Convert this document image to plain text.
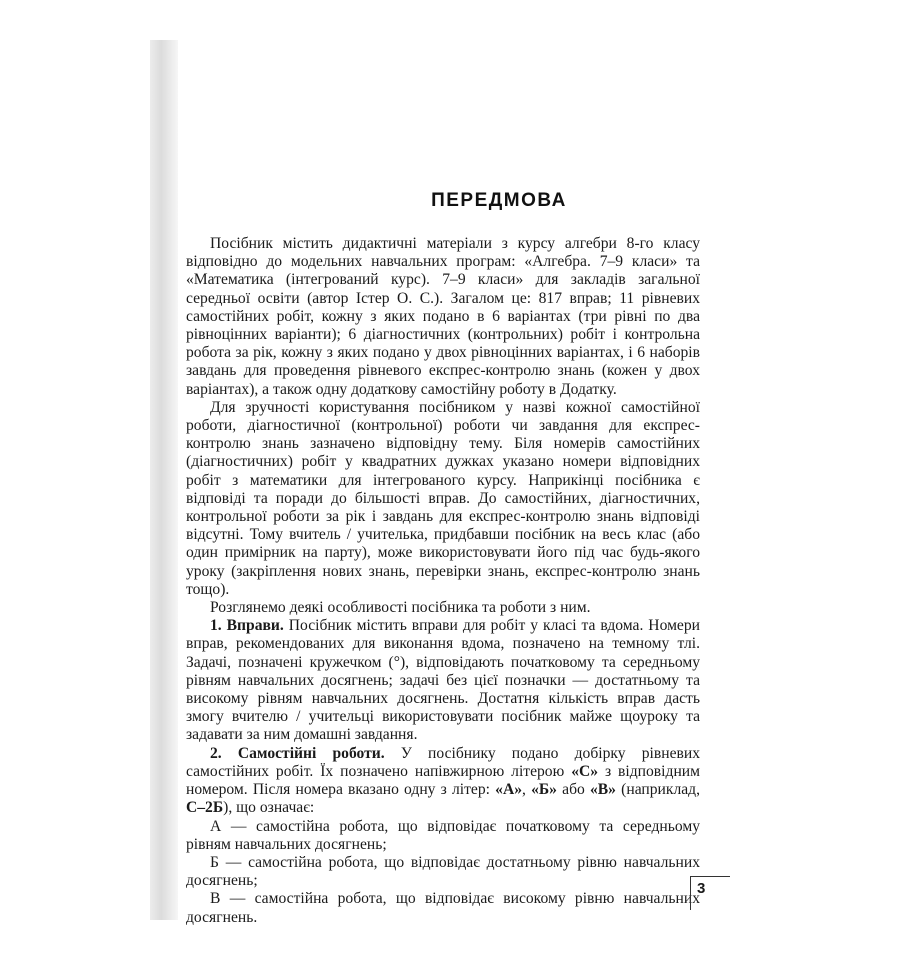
ПЕРЕДМОВА

Посібник містить дидактичні матеріали з курсу алгебри 8-го класу відповідно до модельних навчальних програм: «Алгебра. 7–9 класи» та «Математика (інтегрований курс). 7–9 класи» для закладів загальної середньої освіти (автор Істер О. С.). Загалом це: 817 вправ; 11 рівневих самостійних робіт, кожну з яких подано в 6 варіантах (три рівні по два рівноцінних варіанти); 6 діагностичних (контрольних) робіт і контрольна робота за рік, кожну з яких подано у двох рівноцінних варіантах, і 6 наборів завдань для проведення рівневого експрес-контролю знань (кожен у двох варіантах), а також одну додаткову самостійну роботу в Додатку.

Для зручності користування посібником у назві кожної самостійної роботи, діагностичної (контрольної) роботи чи завдання для експрес-контролю знань зазначено відповідну тему. Біля номерів самостійних (діагностичних) робіт у квадратних дужках указано номери відповідних робіт з математики для інтегрованого курсу. Наприкінці посібника є відповіді та поради до більшості вправ. До самостійних, діагностичних, контрольної роботи за рік і завдань для експрес-контролю знань відповіді відсутні. Тому вчитель / учителька, придбавши посібник на весь клас (або один примірник на парту), може використовувати його під час будь-якого уроку (закріплення нових знань, перевірки знань, експрес-контролю знань тощо).

Розглянемо деякі особливості посібника та роботи з ним.

1. Вправи. Посібник містить вправи для робіт у класі та вдома. Номери вправ, рекомендованих для виконання вдома, позначено на темному тлі. Задачі, позначені кружечком (°), відповідають початковому та середньому рівням навчальних досягнень; задачі без цієї позначки — достатньому та високому рівням навчальних досягнень. Достатня кількість вправ дасть змогу вчителю / учительці використовувати посібник майже щоуроку та задавати за ним домашні завдання.

2. Самостійні роботи. У посібнику подано добірку рівневих самостійних робіт. Їх позначено напівжирною літерою «С» з відповідним номером. Після номера вказано одну з літер: «А», «Б» або «В» (наприклад, С–2Б), що означає:

А — самостійна робота, що відповідає початковому та середньому рівням навчальних досягнень;

Б — самостійна робота, що відповідає достатньому рівню навчальних досягнень;

В — самостійна робота, що відповідає високому рівню навчальних досягнень.

3
